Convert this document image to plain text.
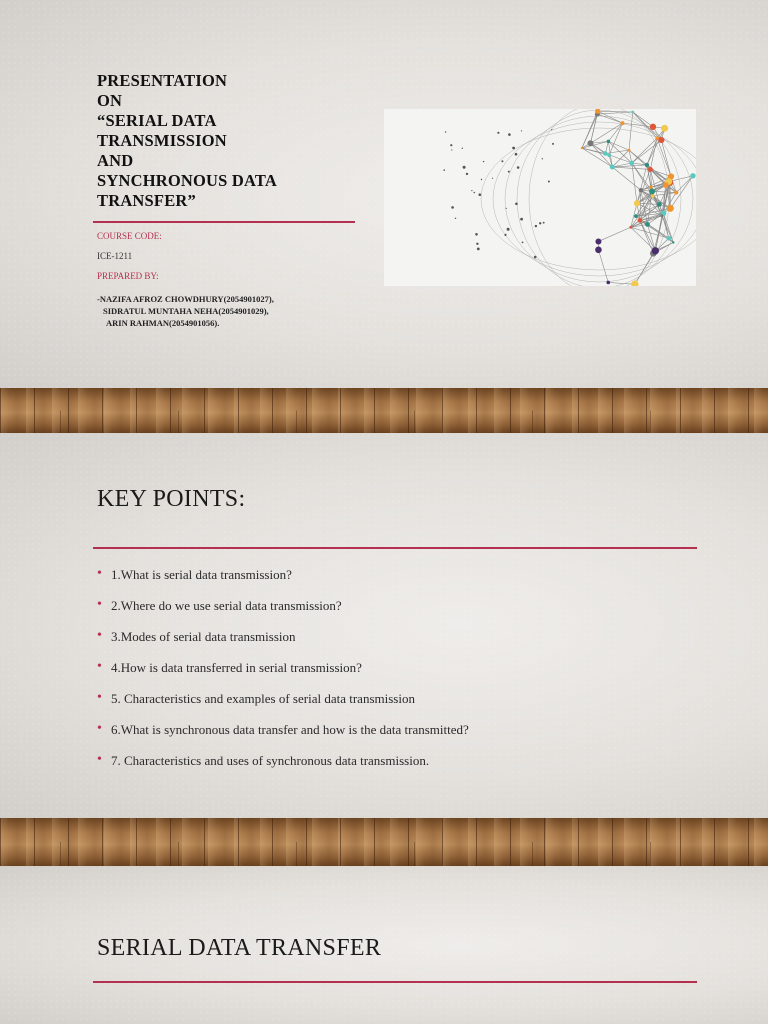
PRESENTATION
ON
“SERIAL DATA
TRANSMISSION
AND
SYNCHRONOUS DATA
TRANSFER”

COURSE CODE:

ICE-1211

PREPARED BY:

-NAZIFA AFROZ CHOWDHURY(2054901027),
SIDRATUL MUNTAHA NEHA(2054901029),
ARIN RAHMAN(2054901056).
KEY POINTS:
• 1.What is serial data transmission?
• 2.Where do we use serial data transmission?
• 3.Modes of serial data transmission
• 4.How is data transferred in serial transmission?
• 5. Characteristics and examples of serial data transmission
• 6.What is synchronous data transfer and how is the data transmitted?
• 7. Characteristics and uses of synchronous data transmission.
SERIAL DATA TRANSFER
